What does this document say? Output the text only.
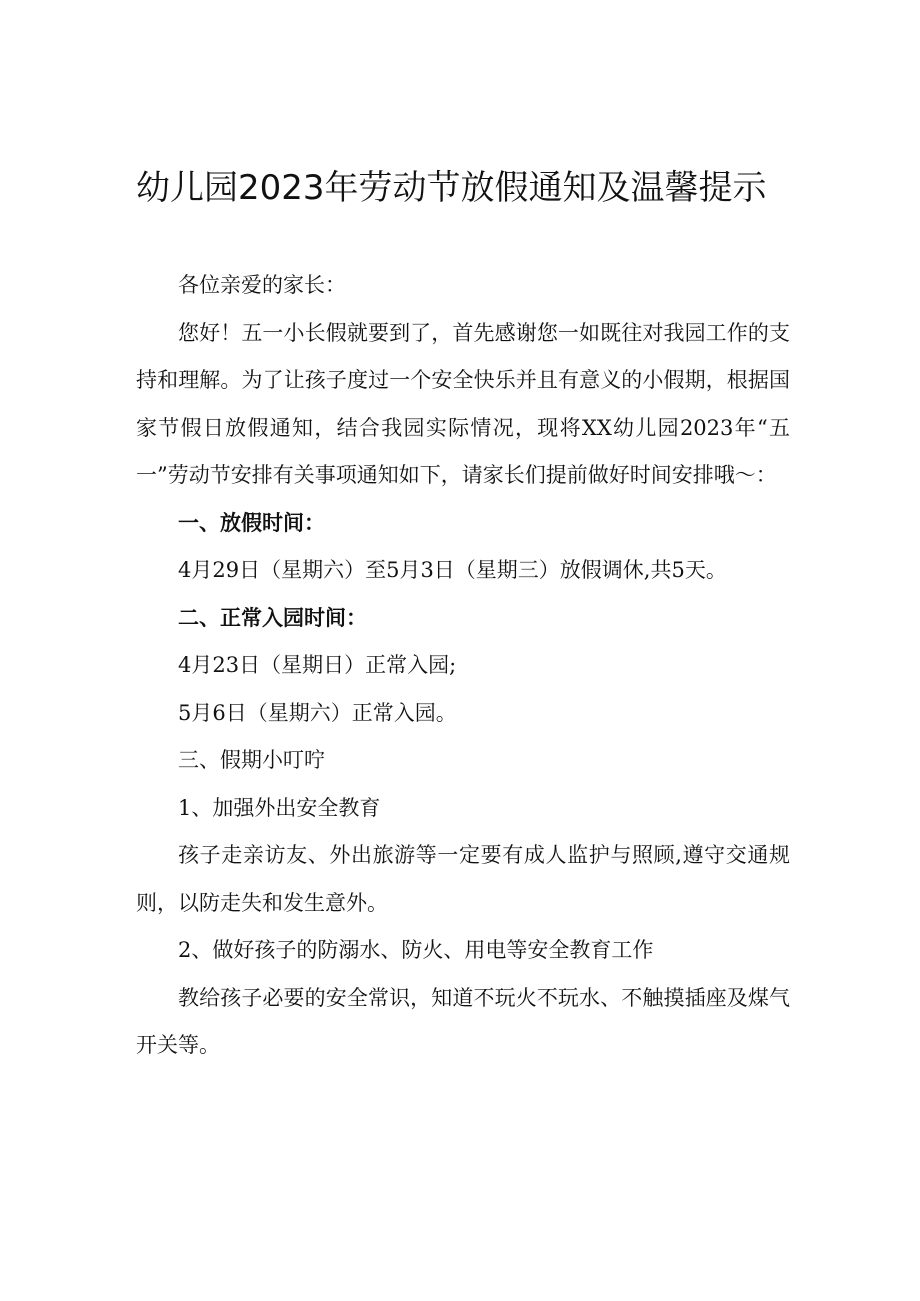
幼儿园2023年劳动节放假通知及温馨提示

各位亲爱的家长：

您好！五一小长假就要到了，首先感谢您一如既往对我园工作的支持和理解。为了让孩子度过一个安全快乐并且有意义的小假期，根据国家节假日放假通知，结合我园实际情况，现将XX幼儿园2023年“五一”劳动节安排有关事项通知如下，请家长们提前做好时间安排哦～：

一、放假时间：

4月29日（星期六）至5月3日（星期三）放假调休,共5天。

二、正常入园时间：

4月23日（星期日）正常入园;

5月6日（星期六）正常入园。

三、假期小叮咛

1、加强外出安全教育

孩子走亲访友、外出旅游等一定要有成人监护与照顾,遵守交通规则，以防走失和发生意外。

2、做好孩子的防溺水、防火、用电等安全教育工作

教给孩子必要的安全常识，知道不玩火不玩水、不触摸插座及煤气开关等。
